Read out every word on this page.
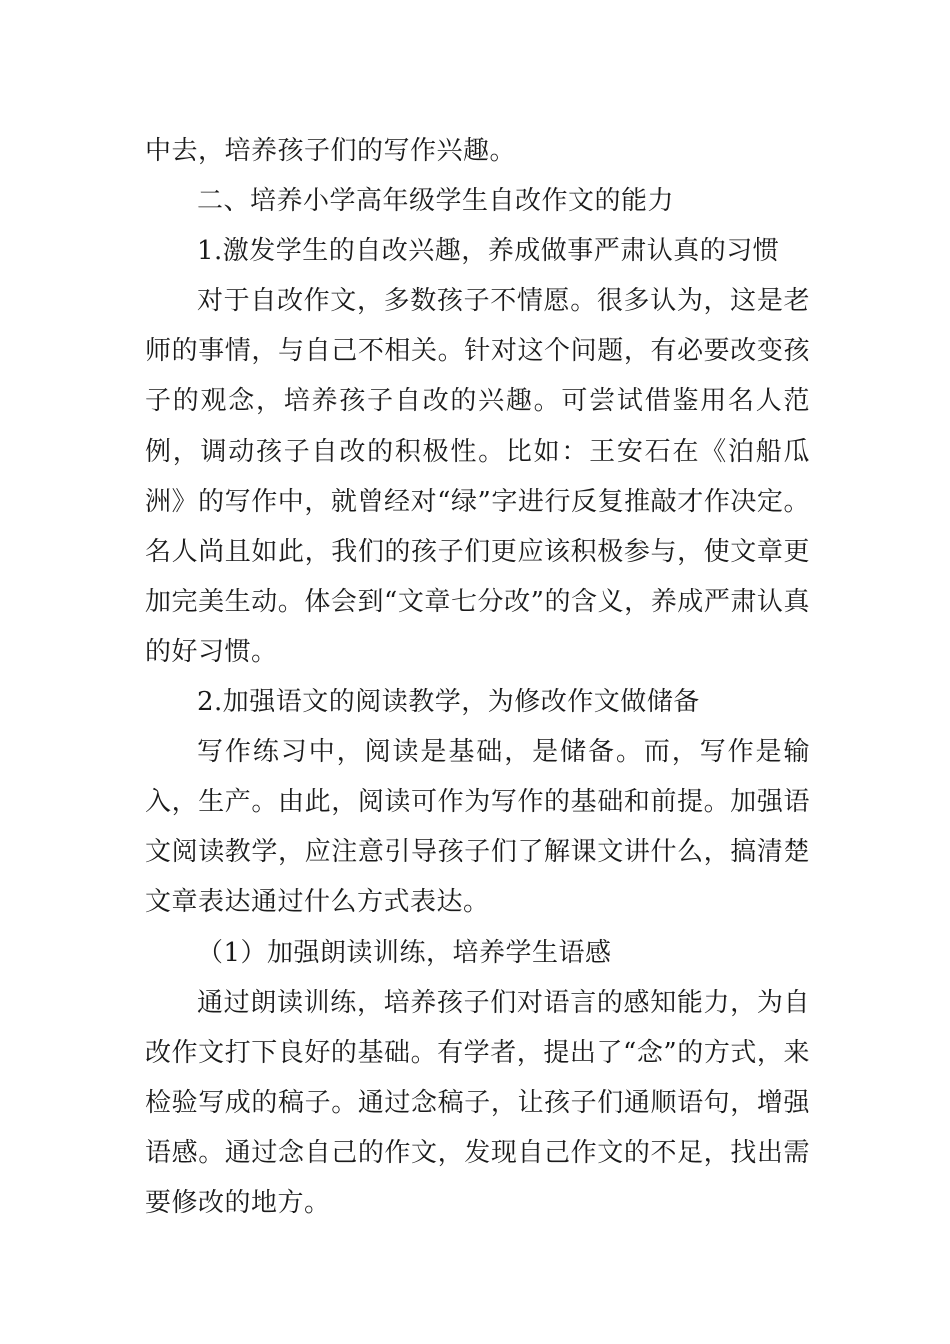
中去，培养孩子们的写作兴趣。

二、培养小学高年级学生自改作文的能力

1.激发学生的自改兴趣，养成做事严肃认真的习惯

对于自改作文，多数孩子不情愿。很多认为，这是老师的事情，与自己不相关。针对这个问题，有必要改变孩子的观念，培养孩子自改的兴趣。可尝试借鉴用名人范例，调动孩子自改的积极性。比如：王安石在《泊船瓜洲》的写作中，就曾经对“绿”字进行反复推敲才作决定。名人尚且如此，我们的孩子们更应该积极参与，使文章更加完美生动。体会到“文章七分改”的含义，养成严肃认真的好习惯。

2.加强语文的阅读教学，为修改作文做储备

写作练习中，阅读是基础，是储备。而，写作是输入，生产。由此，阅读可作为写作的基础和前提。加强语文阅读教学，应注意引导孩子们了解课文讲什么，搞清楚文章表达通过什么方式表达。

（1）加强朗读训练，培养学生语感

通过朗读训练，培养孩子们对语言的感知能力，为自改作文打下良好的基础。有学者，提出了“念”的方式，来检验写成的稿子。通过念稿子，让孩子们通顺语句，增强语感。通过念自己的作文，发现自己作文的不足，找出需要修改的地方。
